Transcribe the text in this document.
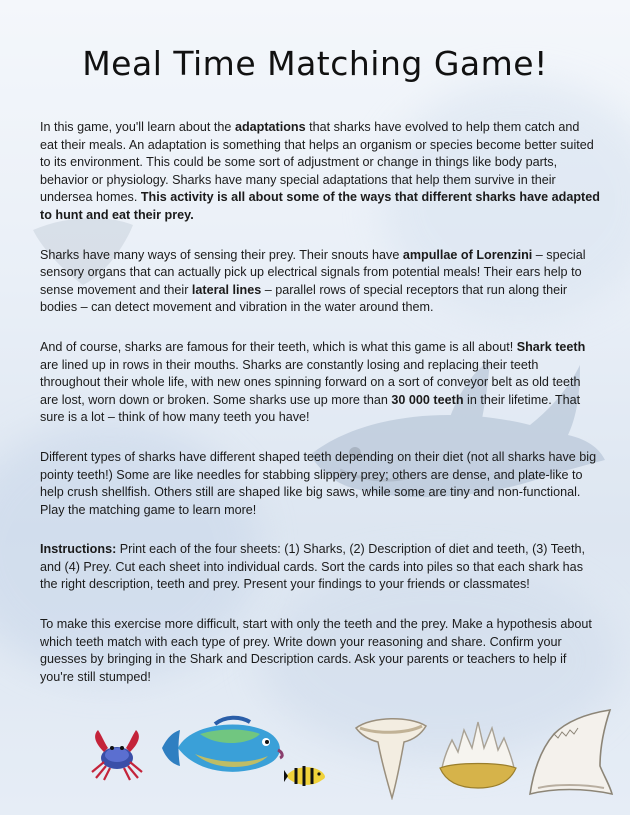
Meal Time Matching Game!

In this game, you'll learn about the adaptations that sharks have evolved to help them catch and eat their meals. An adaptation is something that helps an organism or species become better suited to its environment. This could be some sort of adjustment or change in things like body parts, behavior or physiology. Sharks have many special adaptations that help them survive in their undersea homes. This activity is all about some of the ways that different sharks have adapted to hunt and eat their prey.

Sharks have many ways of sensing their prey. Their snouts have ampullae of Lorenzini – special sensory organs that can actually pick up electrical signals from potential meals! Their ears help to sense movement and their lateral lines – parallel rows of special receptors that run along their bodies – can detect movement and vibration in the water around them.

And of course, sharks are famous for their teeth, which is what this game is all about! Shark teeth are lined up in rows in their mouths. Sharks are constantly losing and replacing their teeth throughout their whole life, with new ones spinning forward on a sort of conveyor belt as old teeth are lost, worn down or broken. Some sharks use up more than 30 000 teeth in their lifetime. That sure is a lot – think of how many teeth you have!

Different types of sharks have different shaped teeth depending on their diet (not all sharks have big pointy teeth!) Some are like needles for stabbing slippery prey; others are dense, and plate-like to help crush shellfish. Others still are shaped like big saws, while some are tiny and non-functional. Play the matching game to learn more!

Instructions: Print each of the four sheets: (1) Sharks, (2) Description of diet and teeth, (3) Teeth, and (4) Prey. Cut each sheet into individual cards. Sort the cards into piles so that each shark has the right description, teeth and prey. Present your findings to your friends or classmates!

To make this exercise more difficult, start with only the teeth and the prey. Make a hypothesis about which teeth match with each type of prey. Write down your reasoning and share. Confirm your guesses by bringing in the Shark and Description cards. Ask your parents or teachers to help if you're still stumped!
